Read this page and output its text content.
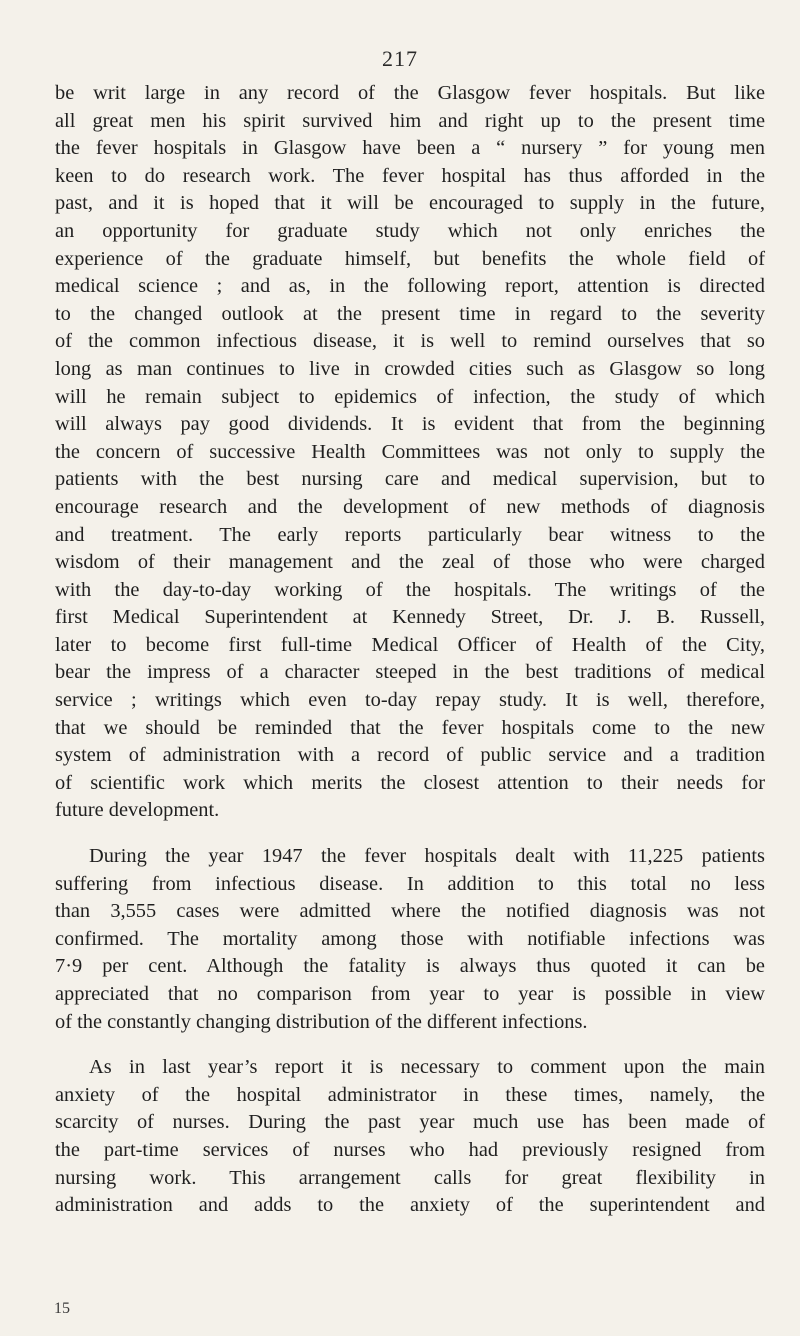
217
be writ large in any record of the Glasgow fever hospitals. But like
all great men his spirit survived him and right up to the present time
the fever hospitals in Glasgow have been a “ nursery ” for young men
keen to do research work. The fever hospital has thus afforded in the
past, and it is hoped that it will be encouraged to supply in the future,
an opportunity for graduate study which not only enriches the
experience of the graduate himself, but benefits the whole field of
medical science ; and as, in the following report, attention is directed
to the changed outlook at the present time in regard to the severity
of the common infectious disease, it is well to remind ourselves that so
long as man continues to live in crowded cities such as Glasgow so long
will he remain subject to epidemics of infection, the study of which
will always pay good dividends. It is evident that from the beginning
the concern of successive Health Committees was not only to supply the
patients with the best nursing care and medical supervision, but to
encourage research and the development of new methods of diagnosis
and treatment. The early reports particularly bear witness to the
wisdom of their management and the zeal of those who were charged
with the day-to-day working of the hospitals. The writings of the
first Medical Superintendent at Kennedy Street, Dr. J. B. Russell,
later to become first full-time Medical Officer of Health of the City,
bear the impress of a character steeped in the best traditions of medical
service ; writings which even to-day repay study. It is well, therefore,
that we should be reminded that the fever hospitals come to the new
system of administration with a record of public service and a tradition
of scientific work which merits the closest attention to their needs for
future development.
During the year 1947 the fever hospitals dealt with 11,225 patients
suffering from infectious disease. In addition to this total no less
than 3,555 cases were admitted where the notified diagnosis was not
confirmed. The mortality among those with notifiable infections was
7·9 per cent. Although the fatality is always thus quoted it can be
appreciated that no comparison from year to year is possible in view
of the constantly changing distribution of the different infections.
As in last year’s report it is necessary to comment upon the main
anxiety of the hospital administrator in these times, namely, the
scarcity of nurses. During the past year much use has been made of
the part-time services of nurses who had previously resigned from
nursing work. This arrangement calls for great flexibility in
administration and adds to the anxiety of the superintendent and
15
